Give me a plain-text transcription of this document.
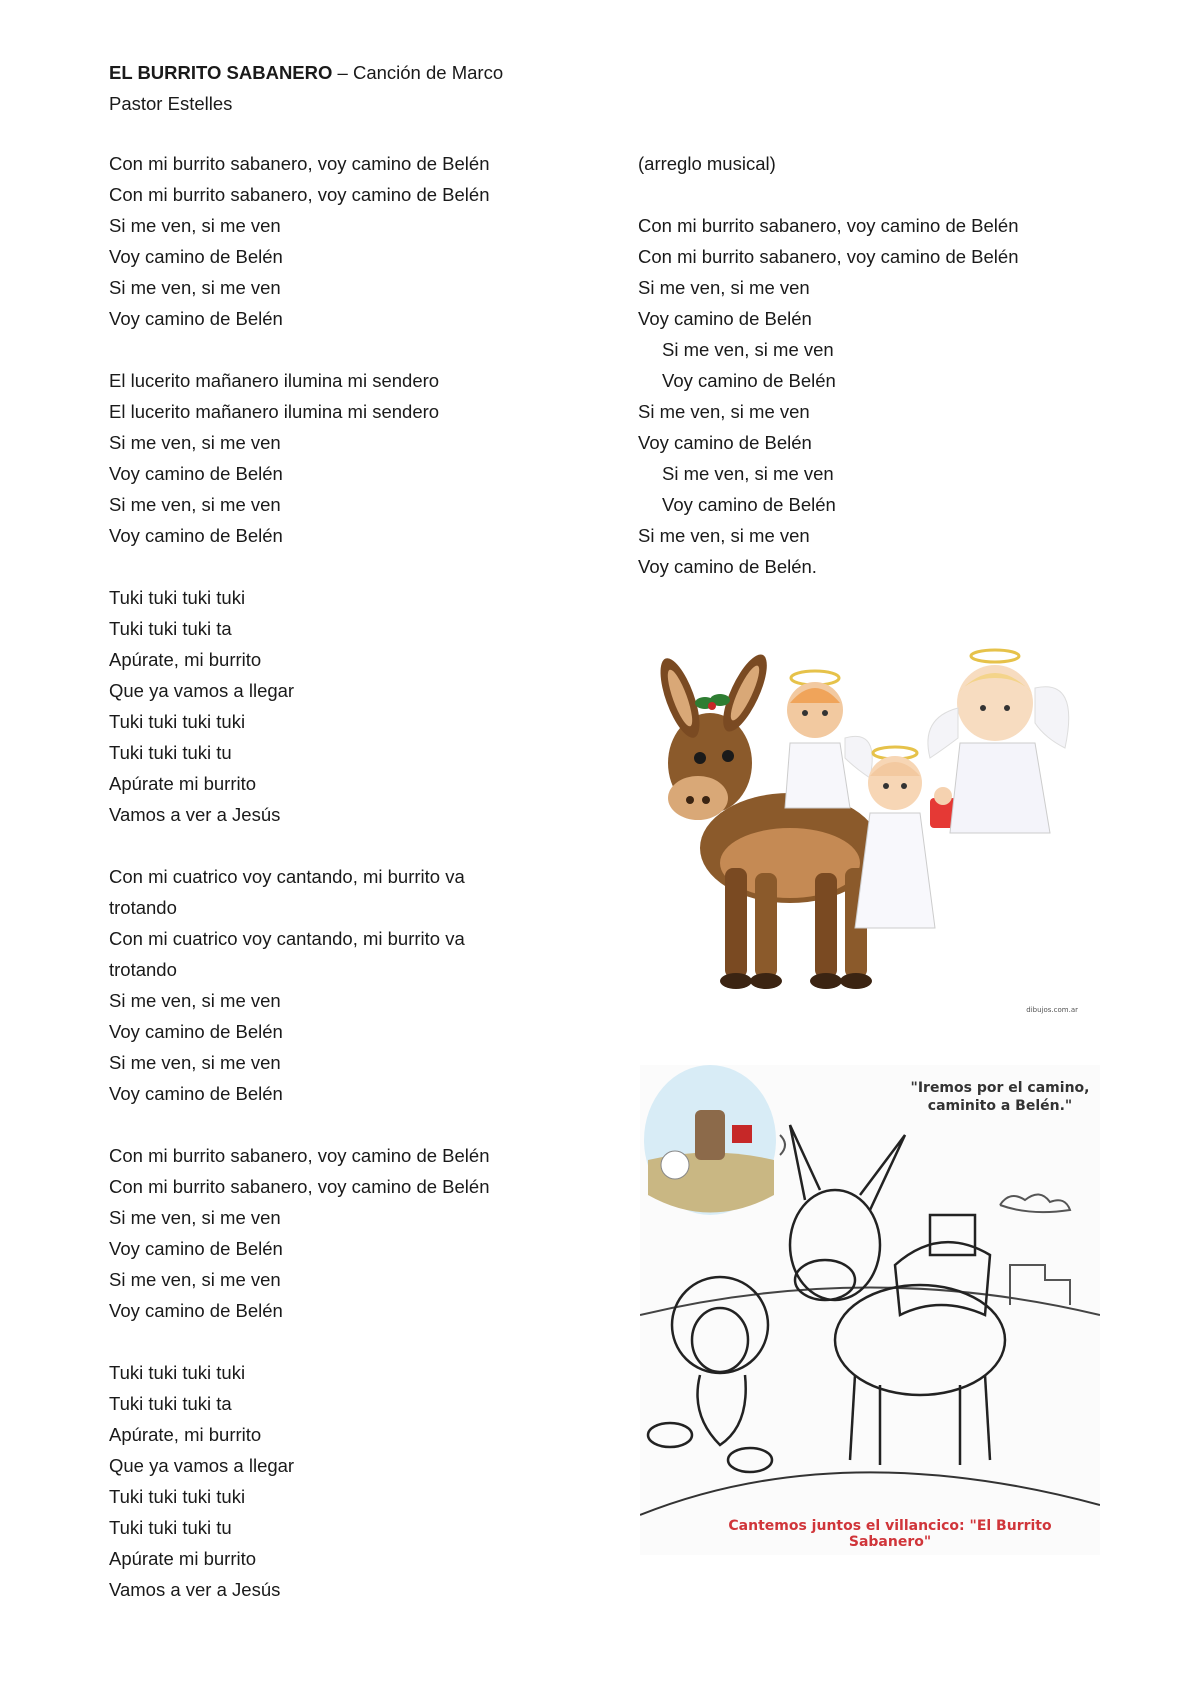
EL BURRITO SABANERO – Canción de Marco
Pastor Estelles
Con mi burrito sabanero, voy camino de Belén
Con mi burrito sabanero, voy camino de Belén
Si me ven, si me ven
Voy camino de Belén
Si me ven, si me ven
Voy camino de Belén
El lucerito mañanero ilumina mi sendero
El lucerito mañanero ilumina mi sendero
Si me ven, si me ven
Voy camino de Belén
Si me ven, si me ven
Voy camino de Belén
Tuki tuki tuki tuki
Tuki tuki tuki ta
Apúrate, mi burrito
Que ya vamos a llegar
Tuki tuki tuki tuki
Tuki tuki tuki tu
Apúrate mi burrito
Vamos a ver a Jesús
Con mi cuatrico voy cantando, mi burrito va
trotando
Con mi cuatrico voy cantando, mi burrito va
trotando
Si me ven, si me ven
Voy camino de Belén
Si me ven, si me ven
Voy camino de Belén
Con mi burrito sabanero, voy camino de Belén
Con mi burrito sabanero, voy camino de Belén
Si me ven, si me ven
Voy camino de Belén
Si me ven, si me ven
Voy camino de Belén
Tuki tuki tuki tuki
Tuki tuki tuki ta
Apúrate, mi burrito
Que ya vamos a llegar
Tuki tuki tuki tuki
Tuki tuki tuki tu
Apúrate mi burrito
Vamos a ver a Jesús
(arreglo musical)
Con mi burrito sabanero, voy camino de Belén
Con mi burrito sabanero, voy camino de Belén
Si me ven, si me ven
Voy camino de Belén
Si me ven, si me ven
Voy camino de Belén
Si me ven, si me ven
Voy camino de Belén
Si me ven, si me ven
Voy camino de Belén
Si me ven, si me ven
Voy camino de Belén.
dibujos.com.ar
"Iremos por el camino, caminito a Belén."
Cantemos juntos el villancico: "El Burrito Sabanero"
